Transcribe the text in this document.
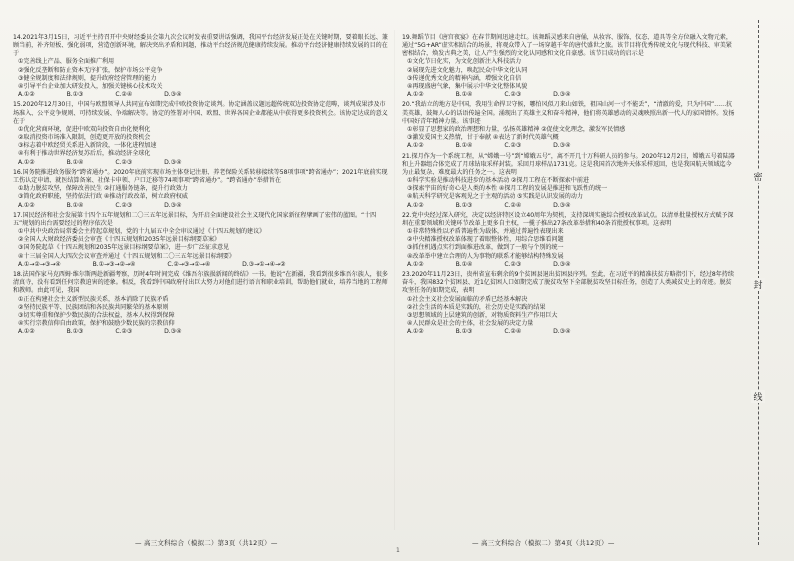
14.2021年3月15日，习近平主持召开中央财经委员会第九次会议时发表重要讲话强调，我国平台经济发展正处在关键时期，要着眼长远、兼顾当前，补齐短板、强化弱项，营造创新环境，解决突出矛盾和问题，推动平台经济规范健康持续发展。推动平台经济健康持续发展的目的在于
①完善线上产品、服务全面推广利用
②强化反垄断和防止资本无序扩张，保护市场公平竞争
③健全规制度和法律规则，提升政府经营管理的能力
④引导平台企业加大研发投入，加强关键核心技术攻关
A.①② B.①③ C.②④ D.③④
15.2020年12月30日，中国与欧盟领导人共同宣布如期完成中欧投资协定谈判。协定涵盖议题远超传统双边投资协定范畴，谈判成果涉及市场准入、公平竞争规则、可持续发展、争端解决等。协定的签署对中国、欧盟、世界各国企业都能从中获得更多投资机会。该协定达成的意义在于
①优化营商环境，促进中欧双向投资自由化便利化
②取消投资市场准入限制，创造更开放的投资机会
③标志着中欧经贸关系进入新阶段，一体化进程加速
④有利于推动世界经济复苏后后，推动经济全球化
A.①② B.①④ C.②③ D.③④
16.国务院推进政务服务“跨省通办”。2020年底前实现市场主体登记注册、养老保险关系转移接续等58项事项“跨省通办”；2021年底前实现工伤认定申请、就医结算备案、社保卡申领、户口迁移等74项事项“跨省通办”。“跨省通办”举措旨在
①助力脱贫攻坚，保障改善民生 ②打通服务链条，提升行政效力
③简化政府职能，坚持依法行政 ④推动行政改革，树立政府权威
A.①② B.①④ C.②③ D.③④
17.国民经济和社会发展第十四个五年规划和二〇三五年远景目标，为开启全面建设社会主义现代化国家新征程擘画了宏伟的蓝图。“十四五”规划的出台需要经过的程序依次是
①中共中央政治局常委会主持起草规划，党的十九届五中全会审议通过《十四五规划的建议》
②全国人大财政经济委员会审查《十四五规划和2035年远景目标纲要草案》
③国务院起草《十四五规划和2035年远景目标纲要草案》，进一步广泛征求意见
④十三届全国人大四次会议审查并通过《十四五规划和二〇三五年远景目标纲要》
A.①→②→③→④ B.①→③→②→④ C.②→③→①→④ D.③→①→④→②
18.法国作家马克西姆·维尔斯两赴新疆考察，历时4年时间完成《维吾尔族损新闻的终结》一书。他说“在新疆，我看到很多维吾尔族人，很多清真寺，没有看到任何宗教迫害的迹象。相反，我看到中国政府付出巨大努力对他们进行语言和职业培训，帮助他们就业，培养当地的工程师和教师。由此可见，我国
①正在构建社会主义新型民族关系，基本消除了民族矛盾
②坚持民族平等、民族团结和各民族共同繁荣的基本原则
③切实尊重和保护少数民族的合法权益，基本人权得到保障
④实行宗教信仰自由政策，保护和鼓励少数民族的宗教信仰
A.①② B.①③ C.②③ D.③④
19.舞蹈节目《唐宫夜宴》在春节期间迅速走红。该舞蹈灵感来自唐俑，从妆容、服饰、仪态、道具等全方位融入文物元素，通过“5G+AR”虚实相结合的场景，将观众带入了一场穿越千年的唐代盛世之旅。该节目将优秀传统文化与现代科技、审美紧密相结合，焕发古典之美，让人产生强烈的文化认同感和文化自豪感。该节目成功的启示是
①文化节日化实，为文化创新注入科技活力
②展现先进文化魅力，唤起民众中华文化认同
③传递优秀文化的精神内涵，增强文化自信
④再现盛唐气象，集中展示中华文化整体风貌
A.①② B.①④ C.②③ D.③④
20.“我站立的地方是中国，我用生命捍卫守候，哪怕风似刀来山如铁，祖国山河一寸不能丢”，“清澈的爱，只为中国”……抗美英雄，鼓舞人心的话语传遍全国。涌现出了英雄主义和奋斗精神，他们将英雄感动的灵魂映照出新一代人的家国情怀。发扬中国好青年精神力量。该事迹
①彰显了思想家的政治理想和力量，弘扬英雄精神 ②促使文化理念，激发军民情感
③激发爱国主义热情，甘于奉献 ④表达了新时代英雄气概
A.①② B.①④ C.②③ D.③④
21.探月作为一个系统工程，从“嫦娥一号”到“嫦娥五号”，离不开几十万科研人员的参与。2020年12月2日，嫦娥五号着陆器和上升器组合体完成了月球钻取采样封装。采回月球样品1731克。这是我国首次地外天体采样返回，也是我国航天领域迄今为止最复杂、难度最大的任务之一。这表明
①科学实验是推动科技进步的基本活动 ②探月工程在不断探索中前进
③探索宇宙的好奇心是人类的本性 ④探月工程的发展是推进和飞跃性的统一
④航天科学研究是客观见之于主观的活动 ⑤实践是认识发展的动力
A.①② B.①③ C.②④ D.③④
22.党中央经过深入研究，决定以经济特区设立40周年为契机，支持深圳实施综合授权改革试点。以清单批量授权方式赋予深圳在重要领域和关键环节改革上更多自主权，一揽子推出27条改革举措和40条首批授权事项。这表明
①非常特殊性以矛盾普遍性为载体，并通过普遍性表现出来
②中央精准授权改革体现了着眼整体性，用综合思维看问题
③抓住机遇点实行到面推进改革，做到了一般与个别的统一
④改革举中建立合理的人为事物的联系才能够结构特殊发展
A.①② B.①④ C.②③ D.③④
23.2020年11月23日，贵州省宣布剩余的9个贫困县退出贫困县序列。至此，在习近平的精准扶贫方略指引下，经过8年持续奋斗，我国832个贫困县、近1亿贫困人口如期完成了脱贫攻坚下全部脱贫攻坚目标任务，创造了人类减贫史上的奇迹。脱贫攻坚任务的如期完成，表明
①社会主义社会发展面临的矛盾已经基本解决
②社会生活的本质是实践的，社会历史是实践的结果
③思想领域的上层建筑的创新，对物质资料生产作用巨大
④人民群众是社会的主体，社会发展的决定力量
A.①② B.①③ C.②④ D.③④
— 高三文科综合（模拟二）第3页（共12页）—	— 高三文科综合（模拟二）第4页（共12页）—
1
密
封
线
